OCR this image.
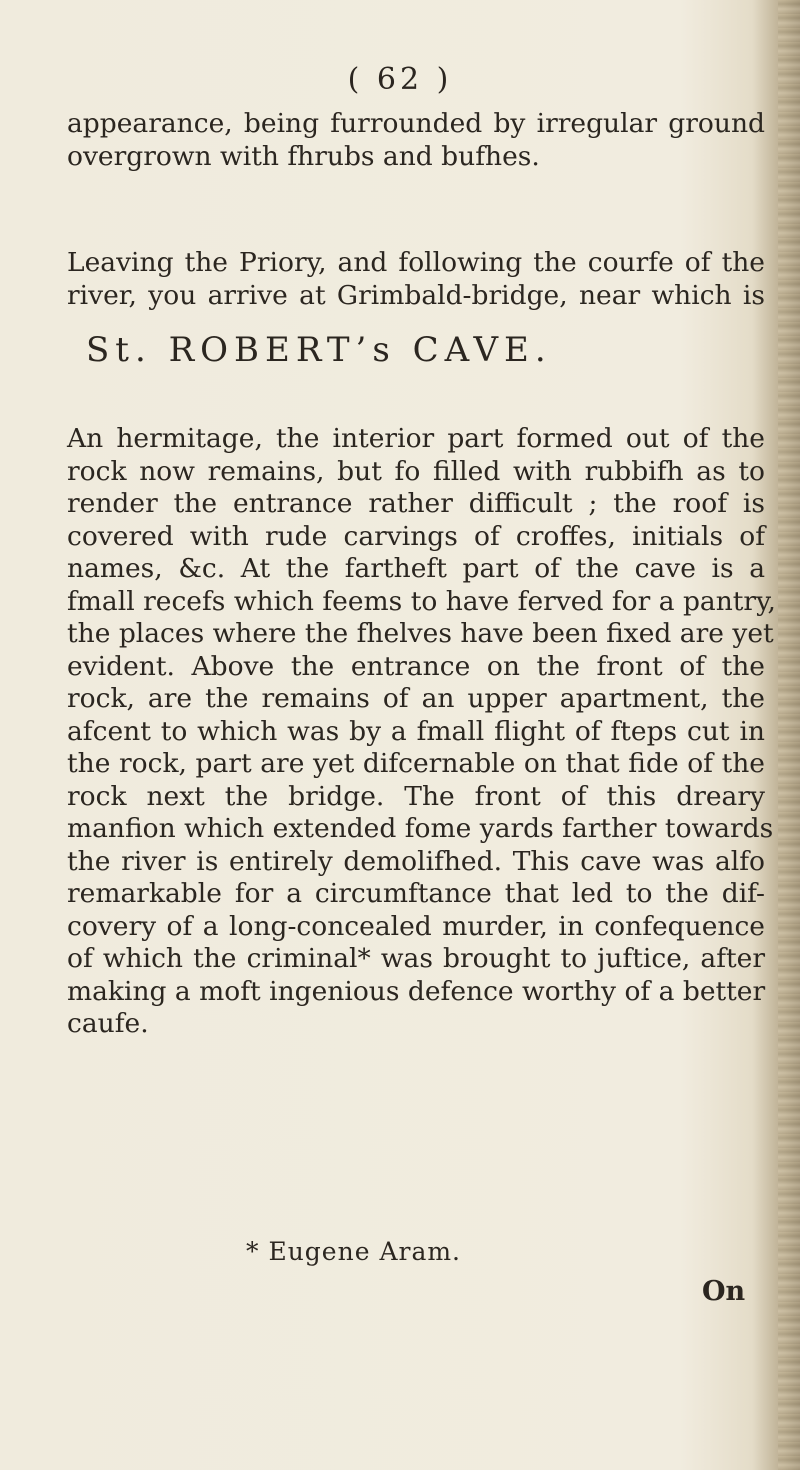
( 62 )
appearance, being furrounded by irregular ground
overgrown with fhrubs and bufhes.
Leaving the Priory, and following the courfe of the
river, you arrive at Grimbald-bridge, near which is
St. ROBERT’s CAVE.
An hermitage, the interior part formed out of the
rock now remains, but fo filled with rubbifh as to
render the entrance rather difficult ; the roof is
covered with rude carvings of croffes, initials of
names, &c. At the fartheft part of the cave is a
fmall recefs which feems to have ferved for a pantry,
the places where the fhelves have been fixed are yet
evident. Above the entrance on the front of the
rock, are the remains of an upper apartment, the
afcent to which was by a fmall flight of fteps cut in
the rock, part are yet difcernable on that fide of the
rock next the bridge. The front of this dreary
manfion which extended fome yards farther towards
the river is entirely demolifhed. This cave was alfo
remarkable for a circumftance that led to the dif-
covery of a long-concealed murder, in confequence
of which the criminal* was brought to juftice, after
making a moft ingenious defence worthy of a better
caufe.
* Eugene Aram.
On
